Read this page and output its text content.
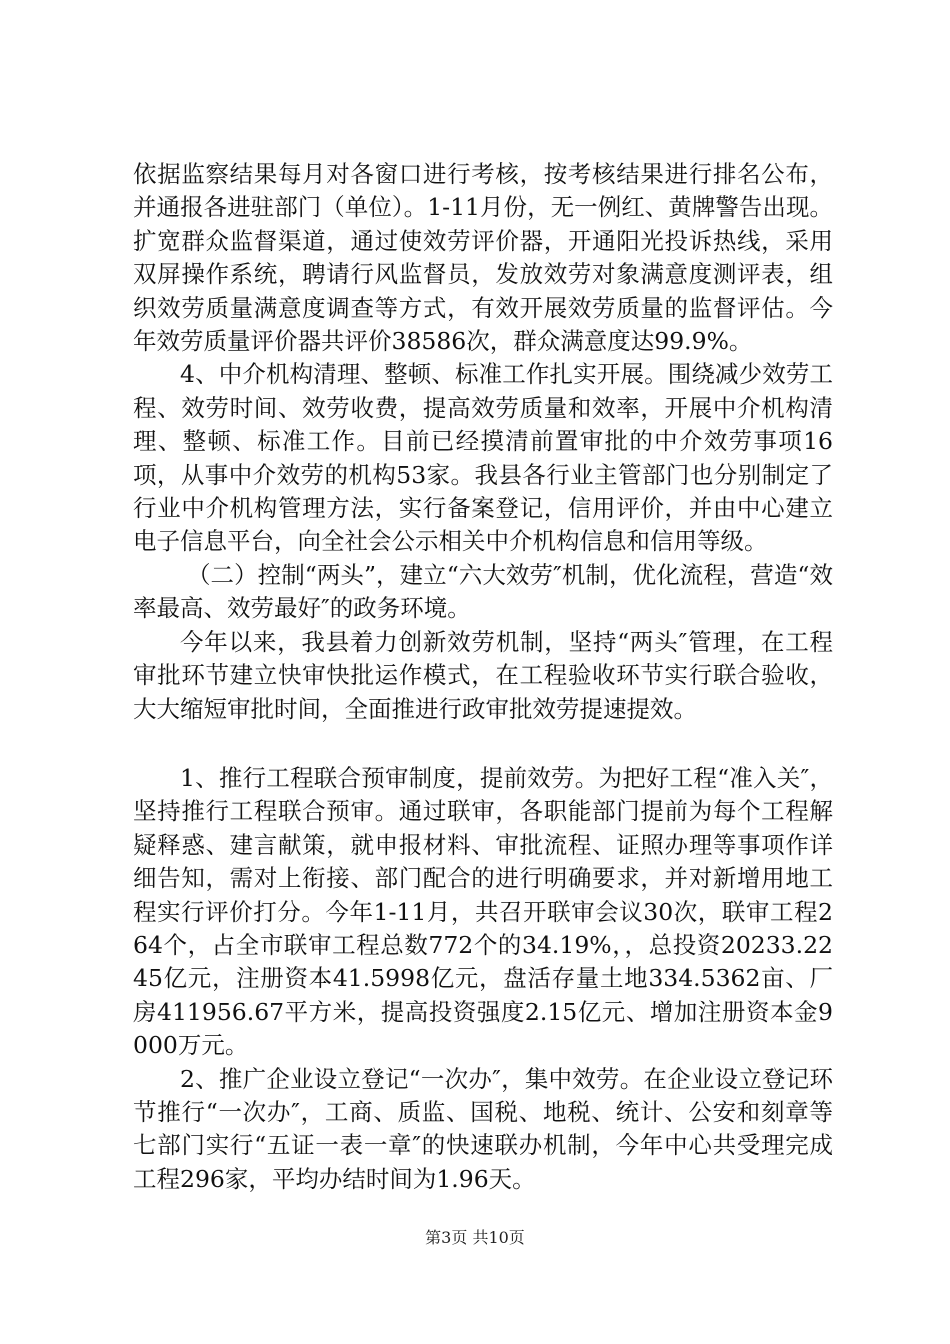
依据监察结果每月对各窗口进行考核，按考核结果进行排名公布，并通报各进驻部门（单位）。1-11月份，无一例红、黄牌警告出现。扩宽群众监督渠道，通过使效劳评价器，开通阳光投诉热线，采用双屏操作系统，聘请行风监督员，发放效劳对象满意度测评表，组织效劳质量满意度调查等方式，有效开展效劳质量的监督评估。今年效劳质量评价器共评价38586次，群众满意度达99.9%。

4、中介机构清理、整顿、标准工作扎实开展。围绕减少效劳工程、效劳时间、效劳收费，提高效劳质量和效率，开展中介机构清理、整顿、标准工作。目前已经摸清前置审批的中介效劳事项16项，从事中介效劳的机构53家。我县各行业主管部门也分别制定了行业中介机构管理方法，实行备案登记，信用评价，并由中心建立电子信息平台，向全社会公示相关中介机构信息和信用等级。

（二）控制“两头”，建立“六大效劳″机制，优化流程，营造“效率最高、效劳最好″的政务环境。

今年以来，我县着力创新效劳机制，坚持“两头″管理，在工程审批环节建立快审快批运作模式，在工程验收环节实行联合验收，大大缩短审批时间，全面推进行政审批效劳提速提效。

1、推行工程联合预审制度，提前效劳。为把好工程“准入关″，坚持推行工程联合预审。通过联审，各职能部门提前为每个工程解疑释惑、建言献策，就申报材料、审批流程、证照办理等事项作详细告知，需对上衔接、部门配合的进行明确要求，并对新增用地工程实行评价打分。今年1-11月，共召开联审会议30次，联审工程264个，占全市联审工程总数772个的34.19%，，总投资20233.2245亿元，注册资本41.5998亿元，盘活存量土地334.5362亩、厂房411956.67平方米，提高投资强度2.15亿元、增加注册资本金9000万元。

2、推广企业设立登记“一次办″，集中效劳。在企业设立登记环节推行“一次办″，工商、质监、国税、地税、统计、公安和刻章等七部门实行“五证一表一章″的快速联办机制，今年中心共受理完成工程296家，平均办结时间为1.96天。

第3页 共10页
